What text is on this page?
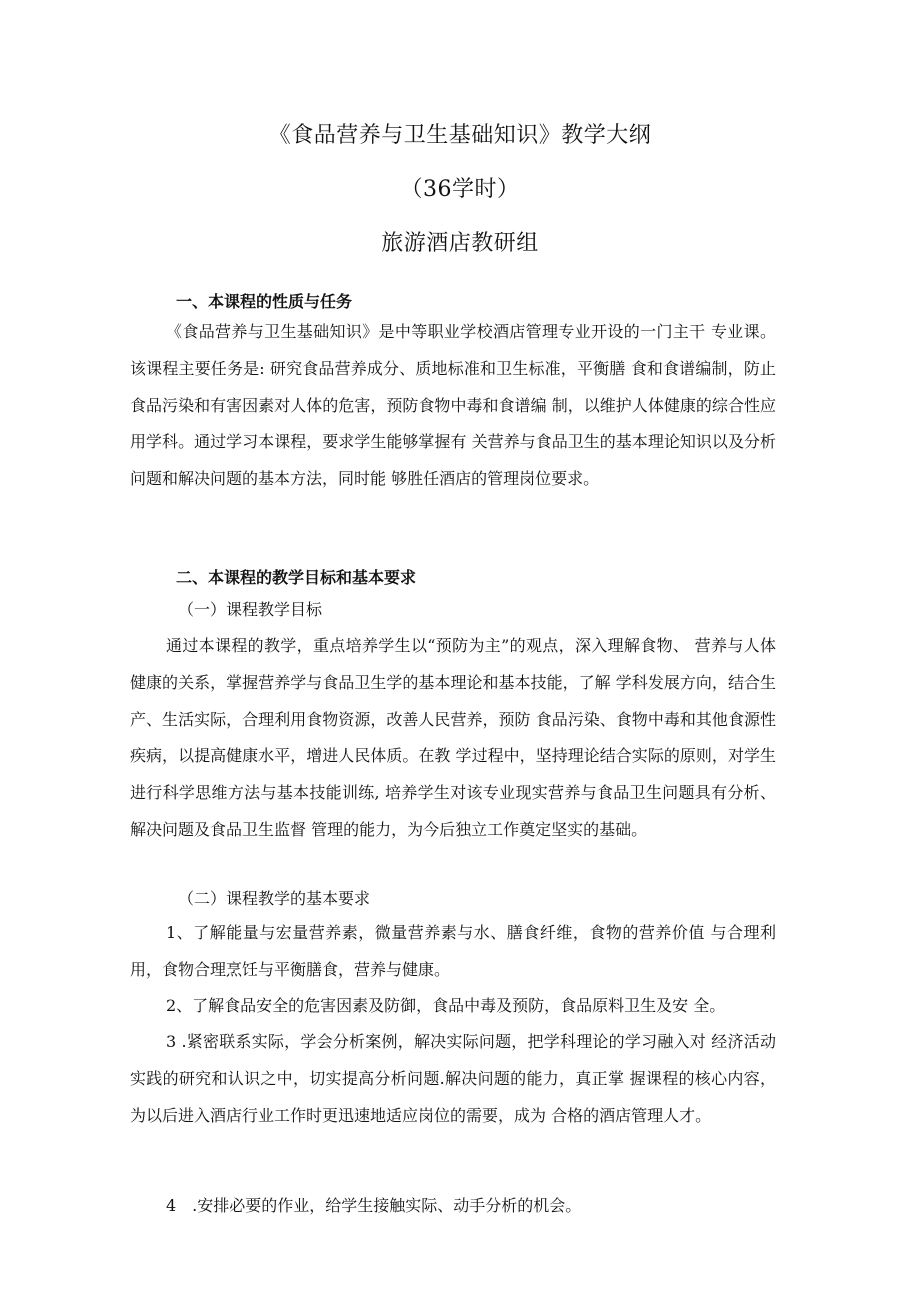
《食品营养与卫生基础知识》教学大纲
（36学时）
旅游酒店教研组
一、本课程的性质与任务

《食品营养与卫生基础知识》是中等职业学校酒店管理专业开设的一门主干 专业课。该课程主要任务是: 研究食品营养成分、质地标准和卫生标准，平衡膳 食和食谱编制，防止食品污染和有害因素对人体的危害，预防食物中毒和食谱编 制，以维护人体健康的综合性应用学科。通过学习本课程，要求学生能够掌握有 关营养与食品卫生的基本理论知识以及分析问题和解决问题的基本方法，同时能 够胜任酒店的管理岗位要求。

二、本课程的教学目标和基本要求
（一）课程教学目标

通过本课程的教学，重点培养学生以“预防为主”的观点，深入理解食物、 营养与人体健康的关系，掌握营养学与食品卫生学的基本理论和基本技能，了解 学科发展方向，结合生产、生活实际，合理利用食物资源，改善人民营养，预防 食品污染、食物中毒和其他食源性疾病，以提高健康水平，增进人民体质。在教 学过程中，坚持理论结合实际的原则，对学生进行科学思维方法与基本技能训练, 培养学生对该专业现实营养与食品卫生问题具有分析、解决问题及食品卫生监督 管理的能力，为今后独立工作奠定坚实的基础。

（二）课程教学的基本要求

1、了解能量与宏量营养素，微量营养素与水、膳食纤维，食物的营养价值 与合理利用，食物合理烹饪与平衡膳食，营养与健康。

2、了解食品安全的危害因素及防御，食品中毒及预防，食品原料卫生及安 全。

3 .紧密联系实际，学会分析案例，解决实际问题，把学科理论的学习融入对 经济活动实践的研究和认识之中，切实提高分析问题.解决问题的能力，真正掌 握课程的核心内容，为以后进入酒店行业工作时更迅速地适应岗位的需要，成为 合格的酒店管理人才。

4　.安排必要的作业，给学生接触实际、动手分析的机会。
